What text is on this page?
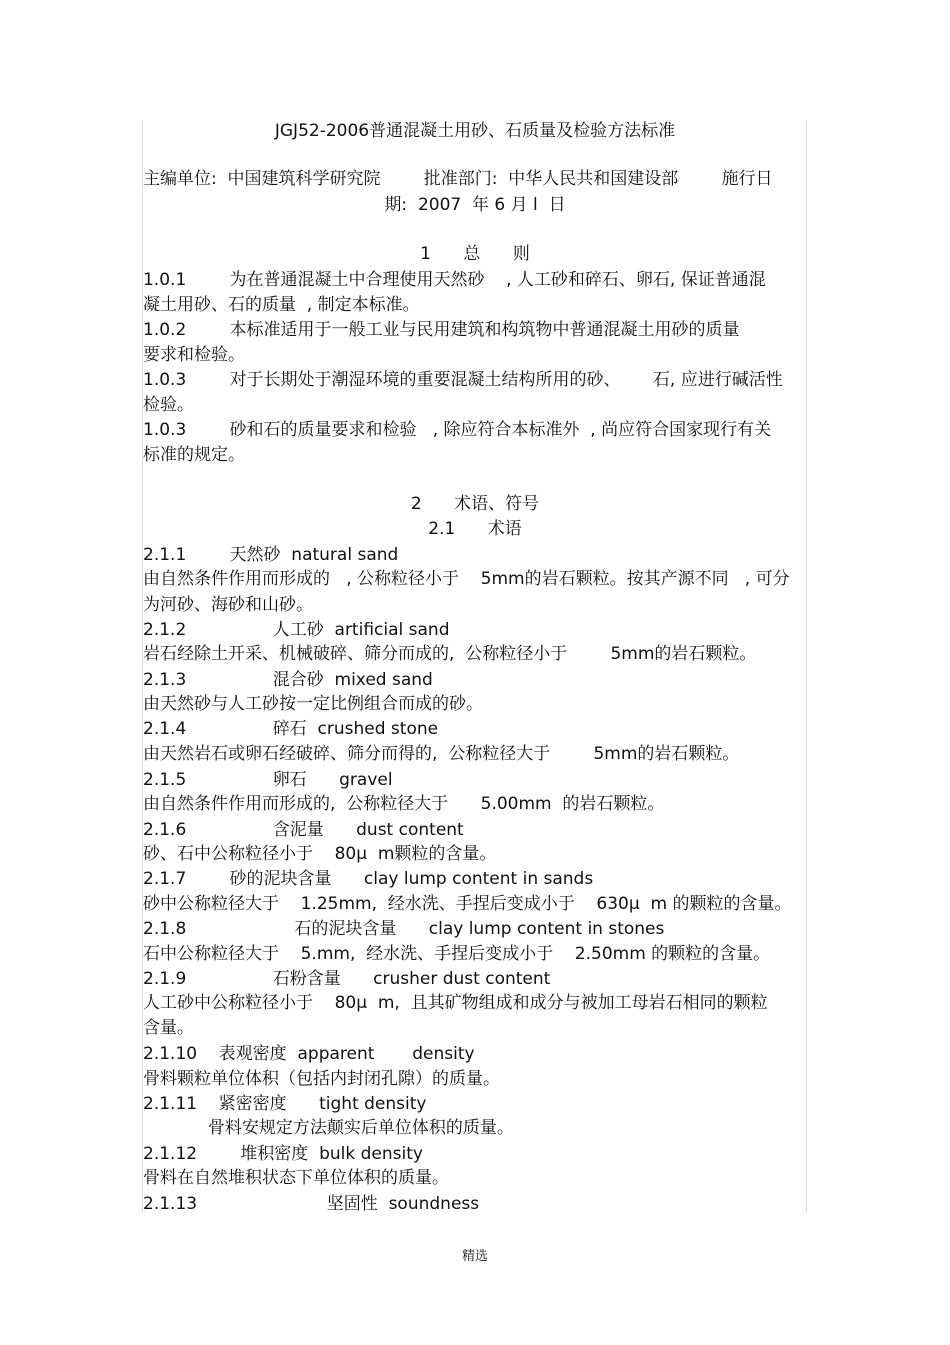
JGJ52-2006普通混凝土用砂、石质量及检验方法标准
主编单位:  中国建筑科学研究院        批准部门:  中华人民共和国建设部        施行日
期:  2007  年 6 月 l  日
1      总      则
1.0.1        为在普通混凝土中合理使用天然砂    , 人工砂和碎石、卵石, 保证普通混
凝土用砂、石的质量  , 制定本标准。
1.0.2        本标准适用于一般工业与民用建筑和构筑物中普通混凝土用砂的质量
要求和检验。
1.0.3        对于长期处于潮湿环境的重要混凝土结构所用的砂、      石, 应进行碱活性
检验。
1.0.3        砂和石的质量要求和检验   , 除应符合本标准外  , 尚应符合国家现行有关
标准的规定。
2      术语、符号
2.1      术语
2.1.1        天然砂  natural sand
由自然条件作用而形成的   , 公称粒径小于    5mm的岩石颗粒。按其产源不同   , 可分
为河砂、海砂和山砂。
2.1.2                人工砂  artificial sand
岩石经除土开采、机械破碎、筛分而成的,  公称粒径小于        5mm的岩石颗粒。
2.1.3                混合砂  mixed sand
由天然砂与人工砂按一定比例组合而成的砂。
2.1.4                碎石  crushed stone
由天然岩石或卵石经破碎、筛分而得的,  公称粒径大于        5mm的岩石颗粒。
2.1.5                卵石      gravel
由自然条件作用而形成的,  公称粒径大于      5.00mm  的岩石颗粒。
2.1.6                含泥量      dust content
砂、石中公称粒径小于    80μ  m颗粒的含量。
2.1.7        砂的泥块含量      clay lump content in sands
砂中公称粒径大于    1.25mm,  经水洗、手捏后变成小于    630μ  m 的颗粒的含量。
2.1.8                    石的泥块含量      clay lump content in stones
石中公称粒径大于    5.mm,  经水洗、手捏后变成小于    2.50mm 的颗粒的含量。
2.1.9                石粉含量      crusher dust content
人工砂中公称粒径小于    80μ  m,  且其矿物组成和成分与被加工母岩石相同的颗粒
含量。
2.1.10    表观密度  apparent       density
骨料颗粒单位体积（包括内封闭孔隙）的质量。
2.1.11    紧密密度      tight density
骨料安规定方法颠实后单位体积的质量。
2.1.12        堆积密度  bulk density
骨料在自然堆积状态下单位体积的质量。
2.1.13                        坚固性  soundness
精选
